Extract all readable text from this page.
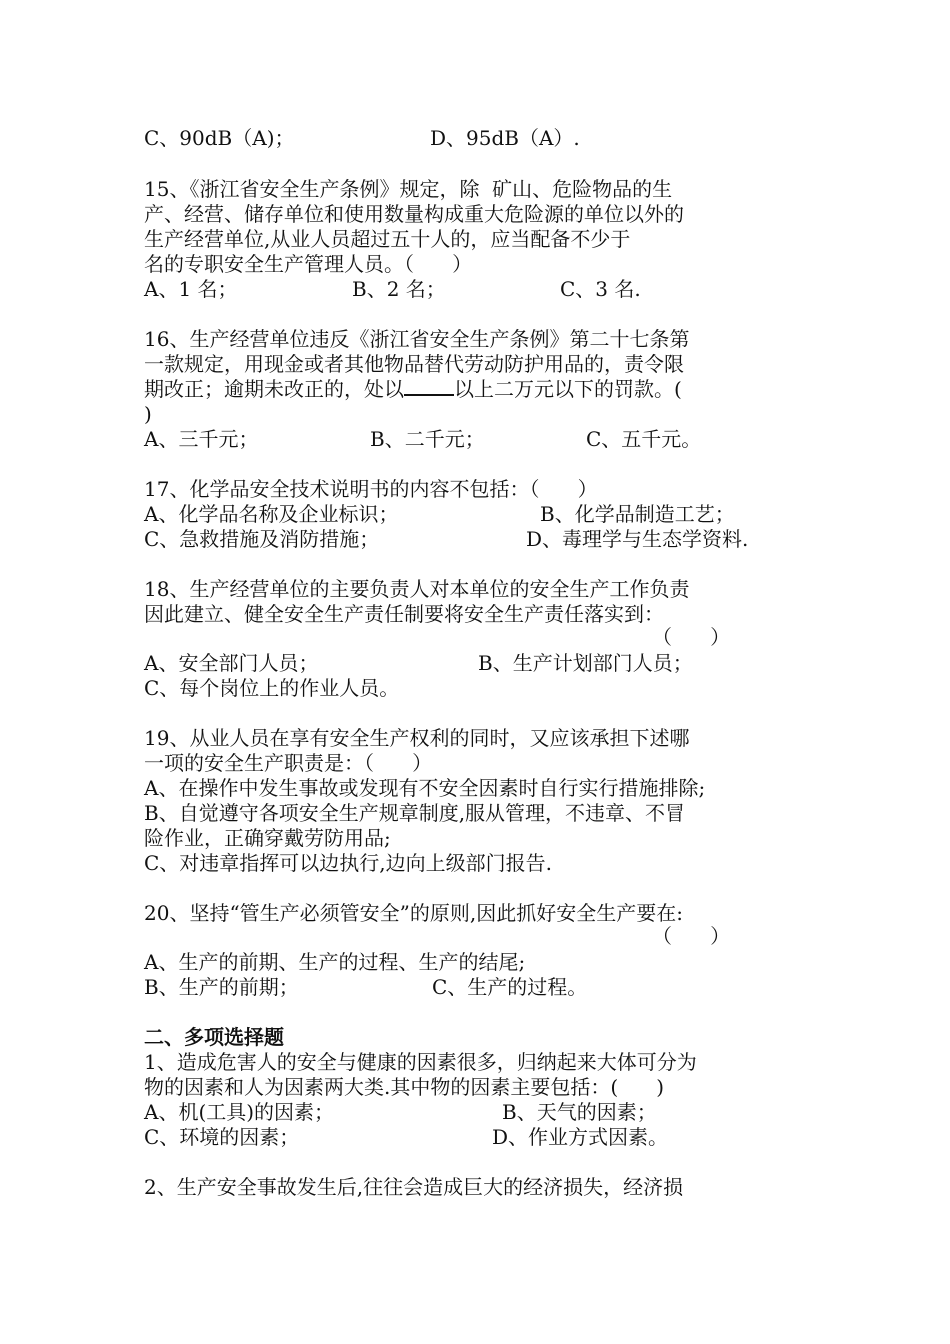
C、90dB（A)；	D、95dB（A）.
15、《浙江省安全生产条例》规定，除  矿山、危险物品的生
产、经营、储存单位和使用数量构成重大危险源的单位以外的
生产经营单位,从业人员超过五十人的，应当配备不少于
名的专职安全生产管理人员。（      ）
A、1 名；	B、2 名；	C、3 名.
16、生产经营单位违反《浙江省安全生产条例》第二十七条第
一款规定，用现金或者其他物品替代劳动防护用品的，责令限
期改正；逾期未改正的，处以	以上二万元以下的罚款。(
)
A、三千元；	B、二千元；	C、五千元。
17、化学品安全技术说明书的内容不包括：（      ）
A、化学品名称及企业标识；	B、化学品制造工艺；
C、急救措施及消防措施；	D、毒理学与生态学资料.
18、生产经营单位的主要负责人对本单位的安全生产工作负责
因此建立、健全安全生产责任制要将安全生产责任落实到：
（      ）
A、安全部门人员；	B、生产计划部门人员；
C、每个岗位上的作业人员。
19、从业人员在享有安全生产权利的同时，又应该承担下述哪
一项的安全生产职责是：（      ）
A、在操作中发生事故或发现有不安全因素时自行实行措施排除;
B、自觉遵守各项安全生产规章制度,服从管理，不违章、不冒
险作业，正确穿戴劳防用品;
C、对违章指挥可以边执行,边向上级部门报告.
20、坚持“管生产必须管安全”的原则,因此抓好安全生产要在:
（      ）
A、生产的前期、生产的过程、生产的结尾;
B、生产的前期；	C、生产的过程。
二、多项选择题
1、造成危害人的安全与健康的因素很多，归纳起来大体可分为
物的因素和人为因素两大类.其中物的因素主要包括：(      )
A、机(工具)的因素；	B、天气的因素；
C、环境的因素；	D、作业方式因素。
2、生产安全事故发生后,往往会造成巨大的经济损失，经济损
